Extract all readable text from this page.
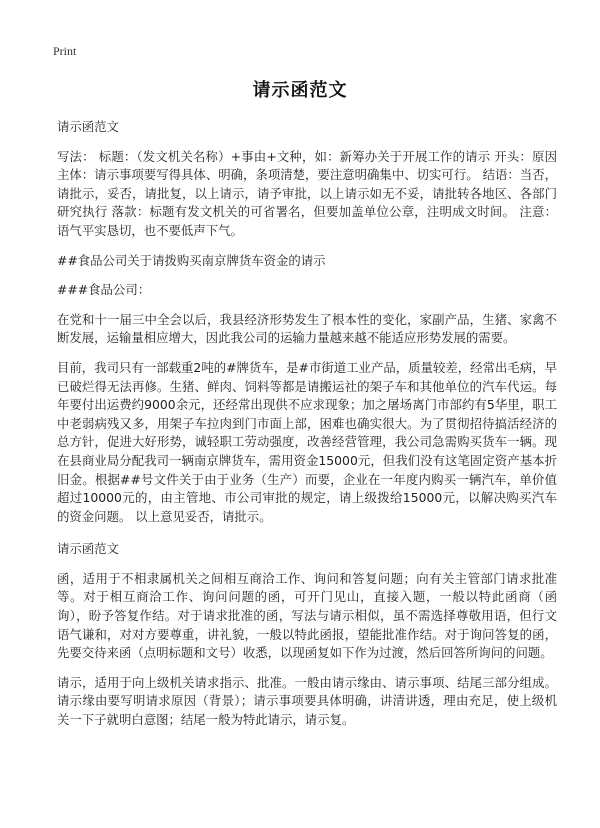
Print
请示函范文
请示函范文
写法： 标题：（发文机关名称）+事由+文种，如：新筹办关于开展工作的请示 开头：原因 主体：请示事项要写得具体、明确，条项清楚，要注意明确集中、切实可行。 结语：当否，请批示，妥否，请批复，以上请示，请予审批，以上请示如无不妥，请批转各地区、各部门研究执行 落款：标题有发文机关的可省署名，但要加盖单位公章，注明成文时间。 注意：语气平实恳切，也不要低声下气。
##食品公司关于请拨购买南京牌货车资金的请示
###食品公司：
在党和十一届三中全会以后，我县经济形势发生了根本性的变化，家副产品，生猪、家禽不断发展，运输量相应增大，因此我公司的运输力量越来越不能适应形势发展的需要。
目前，我司只有一部载重2吨的#牌货车，是#市街道工业产品，质量较差，经常出毛病，早已破烂得无法再修。生猪、鲜肉、饲料等都是请搬运社的架子车和其他单位的汽车代运。每年要付出运费约9000余元，还经常出现供不应求现象；加之屠场离门市部约有5华里，职工中老弱病残又多，用架子车拉肉到门市面上部，困难也确实很大。为了贯彻招待搞活经济的总方针，促进大好形势，诚轻职工劳动强度，改善经营管理，我公司急需购买货车一辆。现在县商业局分配我司一辆南京牌货车，需用资金15000元，但我们没有这笔固定资产基本折旧金。根据##号文件关于由于业务（生产）而要，企业在一年度内购买一辆汽车，单价值超过10000元的，由主管地、市公司审批的规定，请上级拨给15000元，以解决购买汽车的资金问题。 以上意见妥否，请批示。
请示函范文
函，适用于不相隶属机关之间相互商洽工作、询问和答复问题；向有关主管部门请求批准等。对于相互商洽工作、询问问题的函，可开门见山，直接入题，一般以特此函商（函询），盼予答复作结。对于请求批准的函，写法与请示相似，虽不需选择尊敬用语，但行文语气谦和，对对方要尊重，讲礼貌，一般以特此函报，望能批准作结。对于询问答复的函，先要交待来函（点明标题和文号）收悉，以现函复如下作为过渡，然后回答所询问的问题。
请示，适用于向上级机关请求指示、批准。一般由请示缘由、请示事项、结尾三部分组成。请示缘由要写明请求原因（背景）；请示事项要具体明确，讲清讲透，理由充足，使上级机关一下子就明白意图；结尾一般为特此请示，请示复。
